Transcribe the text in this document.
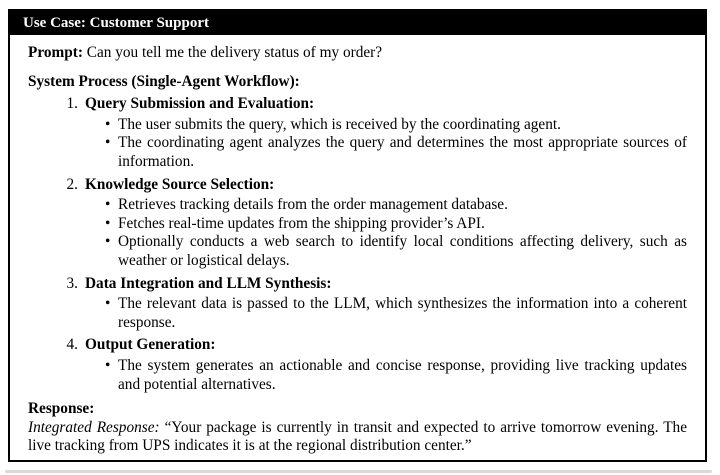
Use Case: Customer Support

Prompt: Can you tell me the delivery status of my order?

System Process (Single-Agent Workflow):

1. Query Submission and Evaluation:
• The user submits the query, which is received by the coordinating agent.
• The coordinating agent analyzes the query and determines the most appropriate sources of information.
2. Knowledge Source Selection:
• Retrieves tracking details from the order management database.
• Fetches real-time updates from the shipping provider’s API.
• Optionally conducts a web search to identify local conditions affecting delivery, such as weather or logistical delays.
3. Data Integration and LLM Synthesis:
• The relevant data is passed to the LLM, which synthesizes the information into a coherent response.
4. Output Generation:
• The system generates an actionable and concise response, providing live tracking updates and potential alternatives.

Response:

Integrated Response: “Your package is currently in transit and expected to arrive tomorrow evening. The live tracking from UPS indicates it is at the regional distribution center.”
